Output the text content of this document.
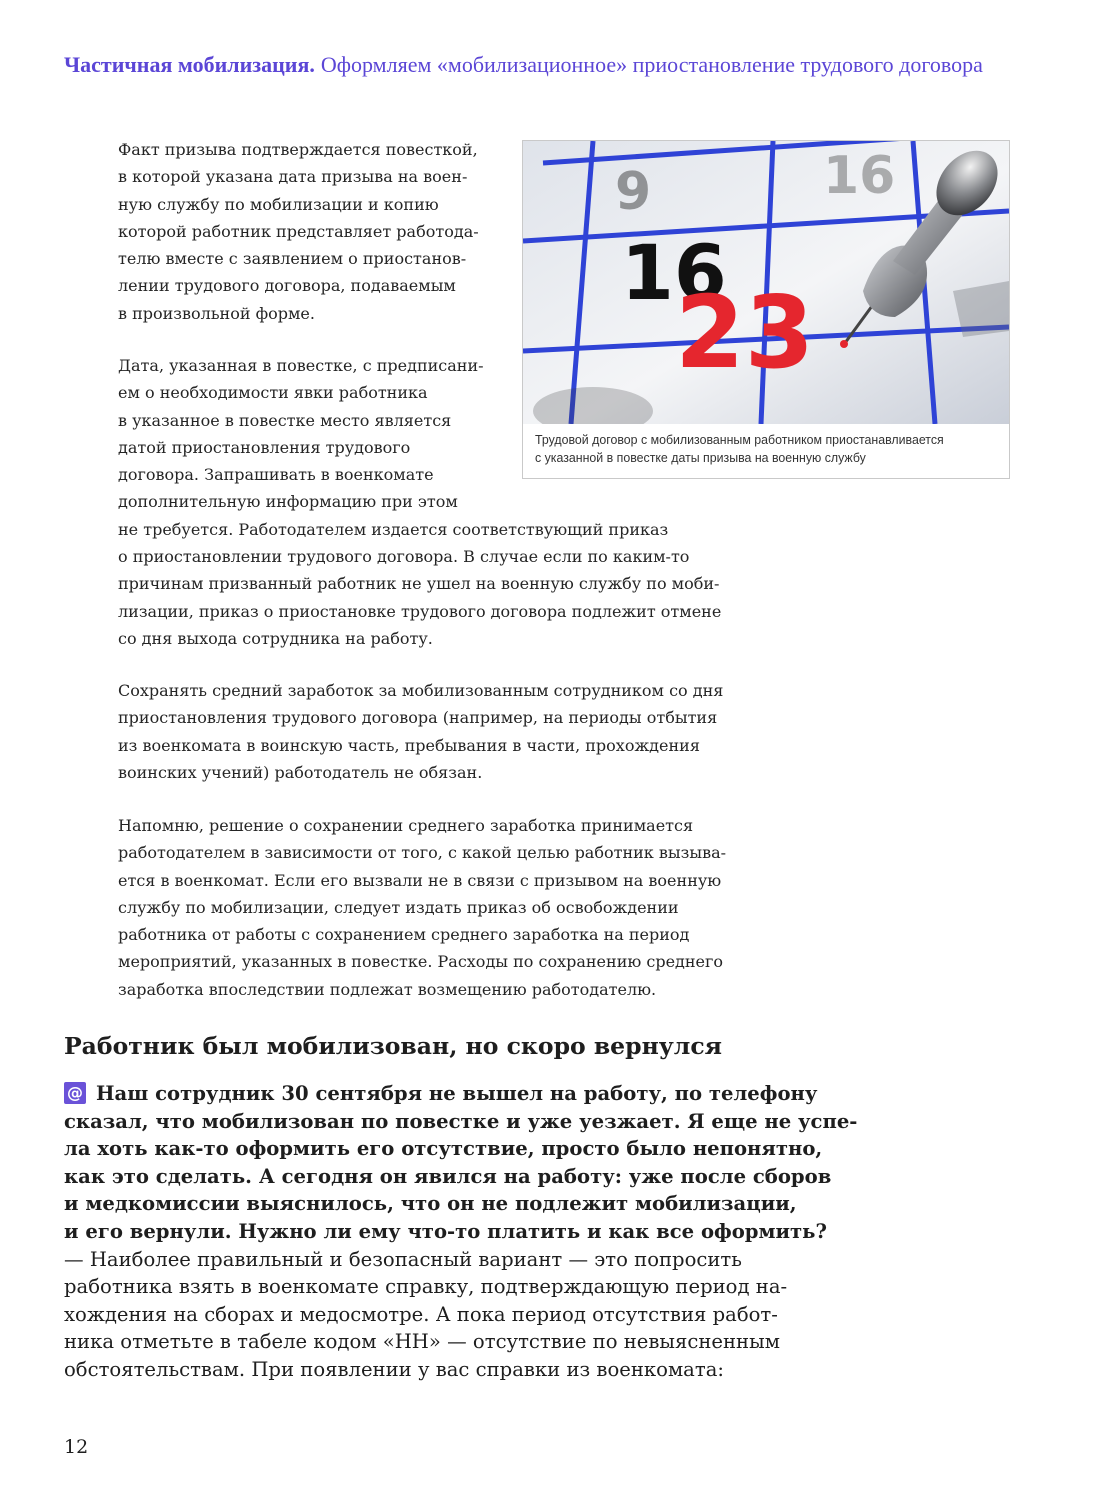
Частичная мобилизация. Оформляем «мобилизационное» приостановление трудового договора
Факт призыва подтверждается повесткой,
в которой указана дата призыва на воен-
ную службу по мобилизации и копию
которой работник представляет работода-
телю вместе с заявлением о приостанов-
лении трудового договора, подаваемым
в произвольной форме.
Дата, указанная в повестке, с предписани-
ем о необходимости явки работника
в указанное в повестке место является
датой приостановления трудового
договора. Запрашивать в военкомате
дополнительную информацию при этом
не требуется. Работодателем издается соответствующий приказ
о приостановлении трудового договора. В случае если по каким-то
причинам призванный работник не ушел на военную службу по моби-
лизации, приказ о приостановке трудового договора подлежит отмене
со дня выхода сотрудника на работу.
Сохранять средний заработок за мобилизованным сотрудником со дня
приостановления трудового договора (например, на периоды отбытия
из военкомата в воинскую часть, пребывания в части, прохождения
воинских учений) работодатель не обязан.
Напомню, решение о сохранении среднего заработка принимается
работодателем в зависимости от того, с какой целью работник вызыва-
ется в военкомат. Если его вызвали не в связи с призывом на военную
службу по мобилизации, следует издать приказ об освобождении
работника от работы с сохранением среднего заработка на период
мероприятий, указанных в повестке. Расходы по сохранению среднего
заработка впоследствии подлежат возмещению работодателю.
9	16
16
23
Трудовой договор с мобилизованным работником приостанавливается
с указанной в повестке даты призыва на военную службу
Работник был мобилизован, но скоро вернулся
@ Наш сотрудник 30 сентября не вышел на работу, по телефону
сказал, что мобилизован по повестке и уже уезжает. Я еще не успе-
ла хоть как-то оформить его отсутствие, просто было непонятно,
как это сделать. А сегодня он явился на работу: уже после сборов
и медкомиссии выяснилось, что он не подлежит мобилизации,
и его вернули. Нужно ли ему что-то платить и как все оформить?
— Наиболее правильный и безопасный вариант — это попросить
работника взять в военкомате справку, подтверждающую период на-
хождения на сборах и медосмотре. А пока период отсутствия работ-
ника отметьте в табеле кодом «НН» — отсутствие по невыясненным
обстоятельствам. При появлении у вас справки из военкомата:
12
